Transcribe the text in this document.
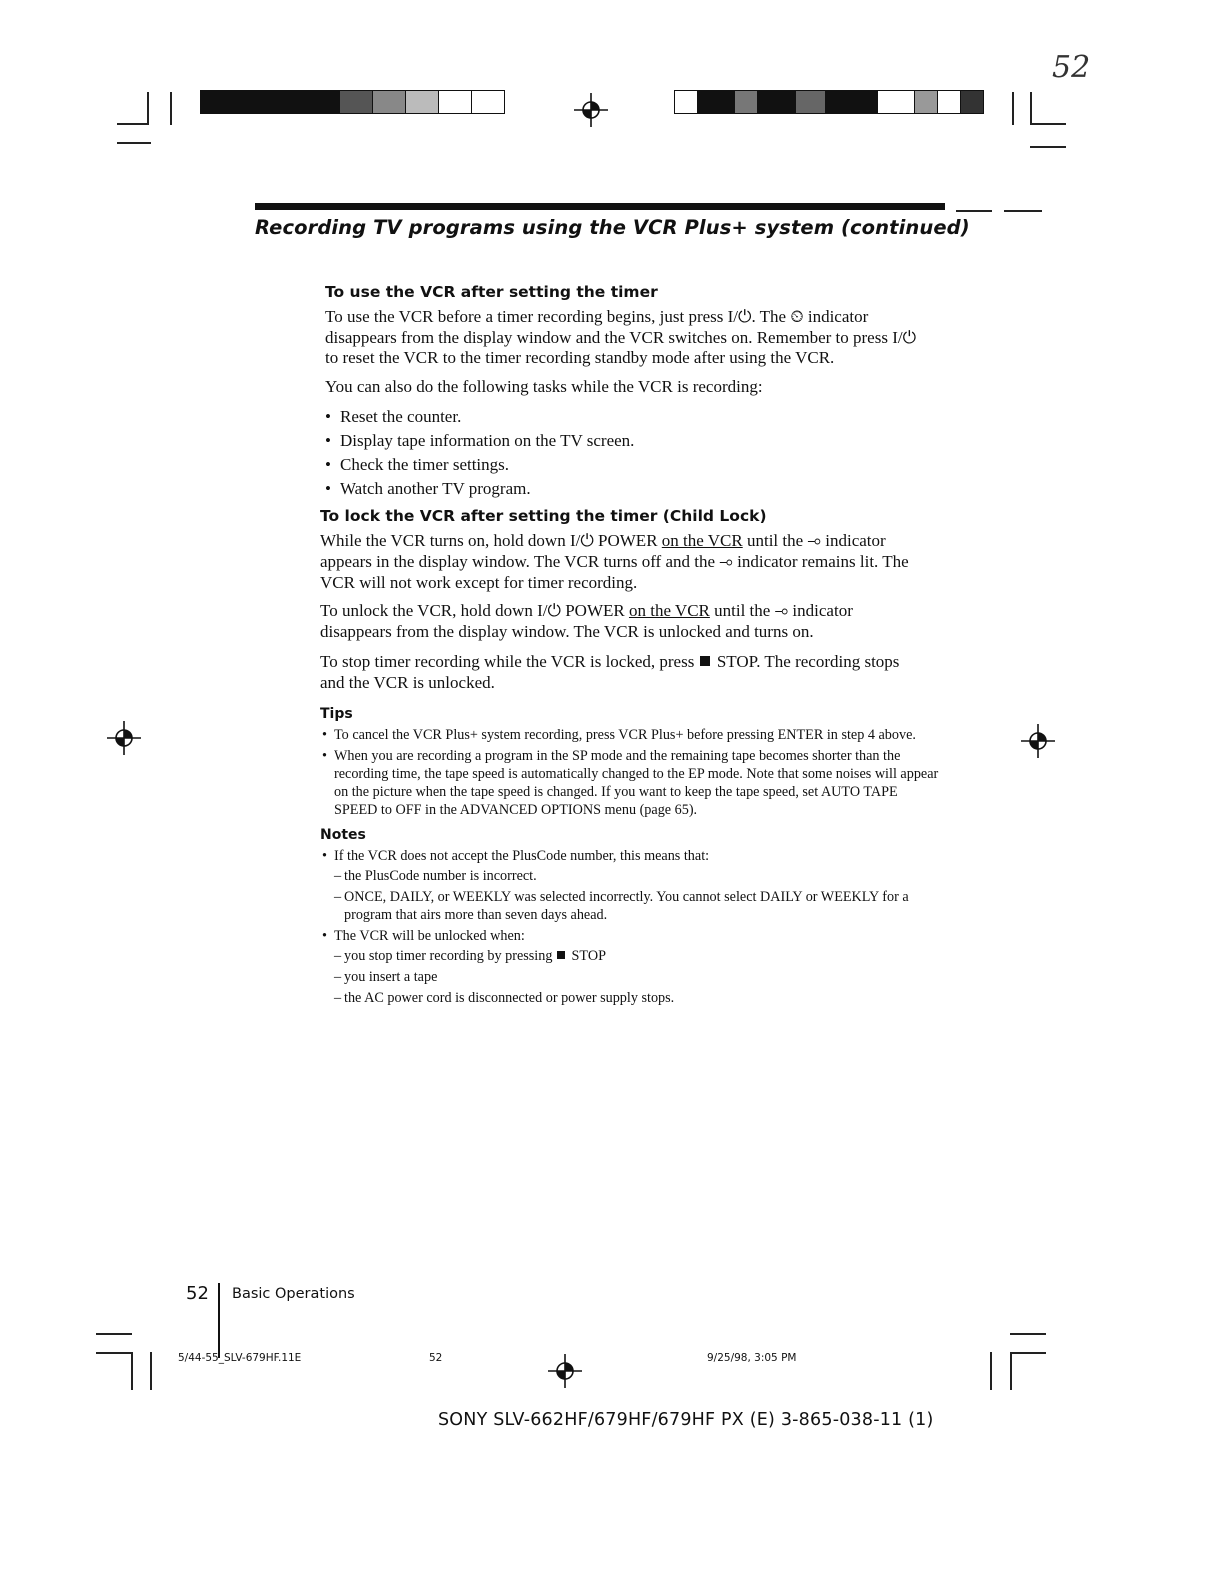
52
Recording TV programs using the VCR Plus+ system (continued)
To use the VCR after setting the timer
To use the VCR before a timer recording begins, just press I/⏻. The ⏲ indicator disappears from the display window and the VCR switches on. Remember to press I/⏻ to reset the VCR to the timer recording standby mode after using the VCR.
You can also do the following tasks while the VCR is recording:
• Reset the counter.
• Display tape information on the TV screen.
• Check the timer settings.
• Watch another TV program.
To lock the VCR after setting the timer (Child Lock)
While the VCR turns on, hold down I/⏻ POWER on the VCR until the ⊸ indicator appears in the display window. The VCR turns off and the ⊸ indicator remains lit. The VCR will not work except for timer recording.
To unlock the VCR, hold down I/⏻ POWER on the VCR until the ⊸ indicator disappears from the display window. The VCR is unlocked and turns on.
To stop timer recording while the VCR is locked, press  STOP. The recording stops and the VCR is unlocked.
Tips
• To cancel the VCR Plus+ system recording, press VCR Plus+ before pressing ENTER in step 4 above.
• When you are recording a program in the SP mode and the remaining tape becomes shorter than the recording time, the tape speed is automatically changed to the EP mode. Note that some noises will appear on the picture when the tape speed is changed. If you want to keep the tape speed, set AUTO TAPE SPEED to OFF in the ADVANCED OPTIONS menu (page 65).
Notes
• If the VCR does not accept the PlusCode number, this means that:
– the PlusCode number is incorrect.
– ONCE, DAILY, or WEEKLY was selected incorrectly. You cannot select DAILY or WEEKLY for a program that airs more than seven days ahead.
• The VCR will be unlocked when:
– you stop timer recording by pressing  STOP
– you insert a tape
– the AC power cord is disconnected or power supply stops.
52 Basic Operations
5/44-55_SLV-679HF.11E	52	9/25/98, 3:05 PM
SONY SLV-662HF/679HF/679HF PX (E) 3-865-038-11 (1)
